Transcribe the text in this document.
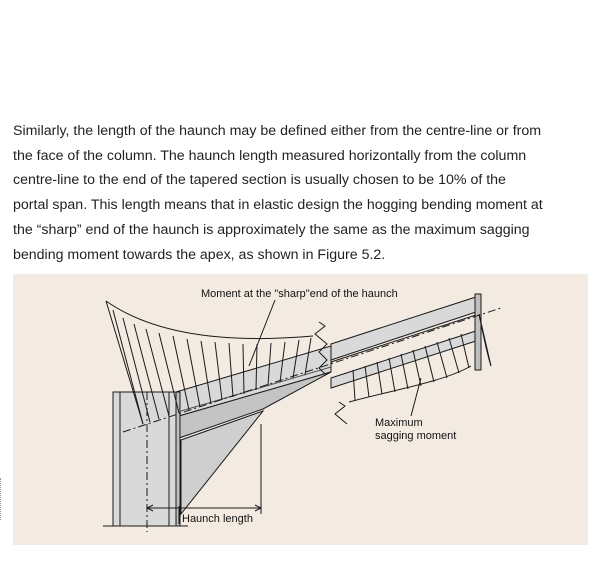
Similarly, the length of the haunch may be defined either from the centre-line or from
the face of the column. The haunch length measured horizontally from the column
centre-line to the end of the tapered section is usually chosen to be 10% of the
portal span. This length means that in elastic design the hogging bending moment at
the “sharp” end of the haunch is approximately the same as the maximum sagging
bending moment towards the apex, as shown in Figure 5.2.

Moment at the "sharp"end of the haunch
Maximum
sagging moment
Haunch length
